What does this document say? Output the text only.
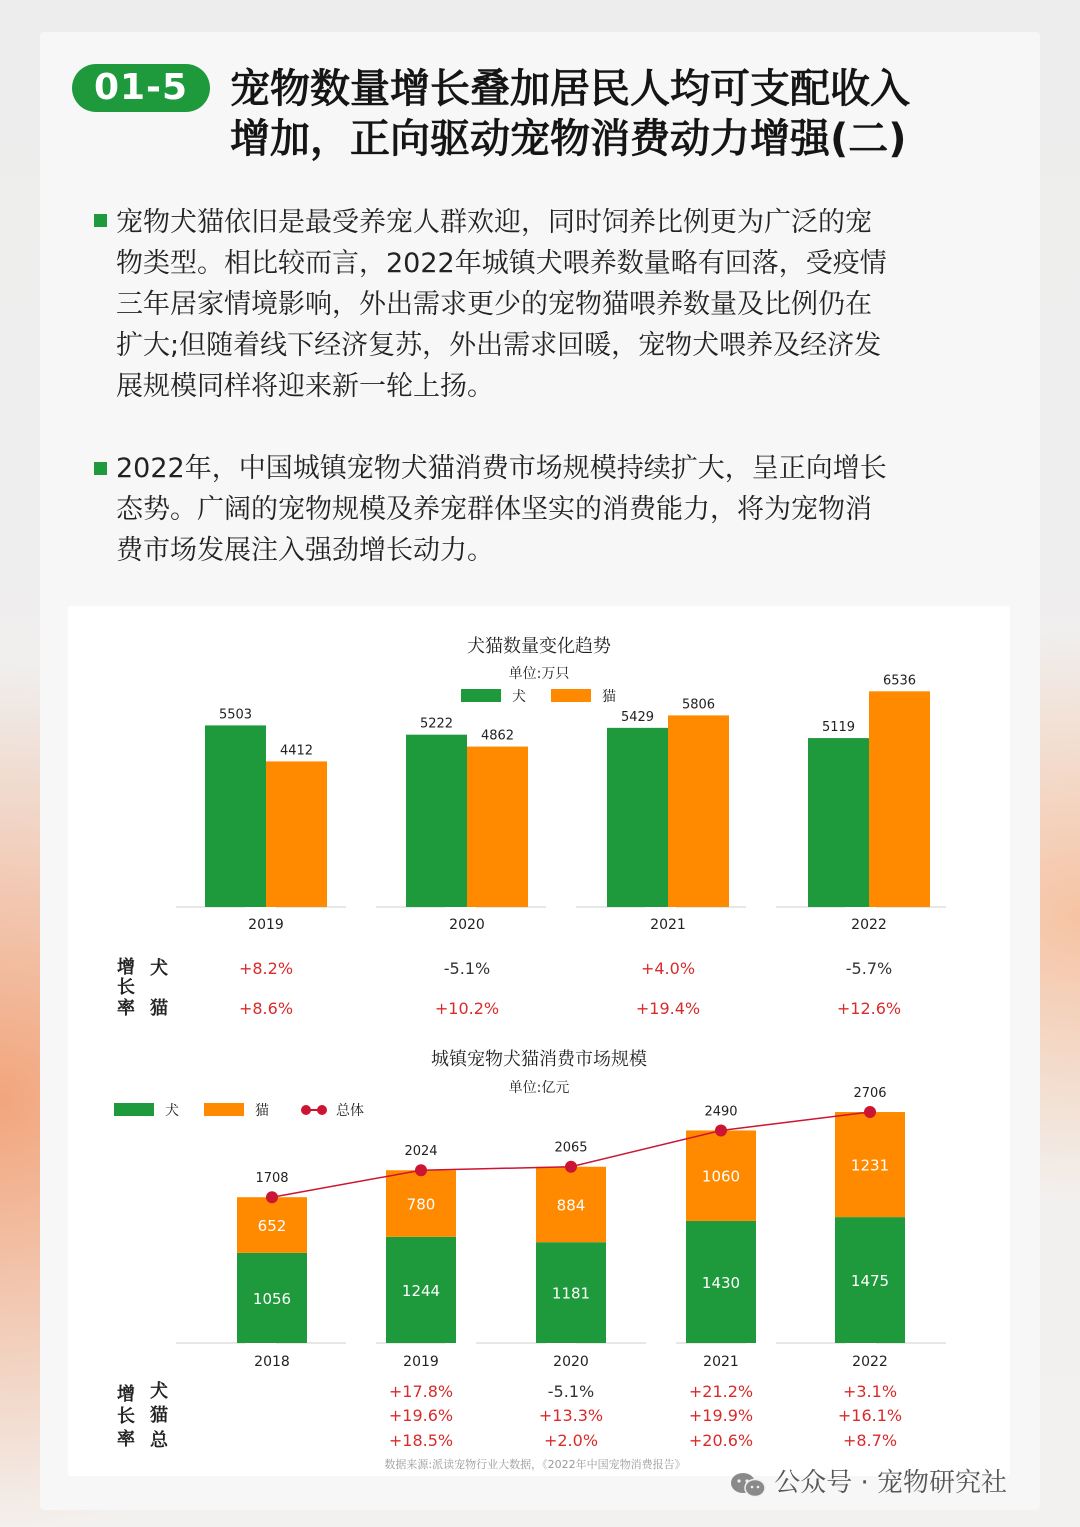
01-5	宠物数量增长叠加居民人均可支配收入
增加，正向驱动宠物消费动力增强(二)

宠物犬猫依旧是最受养宠人群欢迎，同时饲养比例更为广泛的宠
物类型。相比较而言，2022年城镇犬喂养数量略有回落，受疫情
三年居家情境影响，外出需求更少的宠物猫喂养数量及比例仍在
扩大;但随着线下经济复苏，外出需求回暖，宠物犬喂养及经济发
展规模同样将迎来新一轮上扬。

2022年，中国城镇宠物犬猫消费市场规模持续扩大，呈正向增长
态势。广阔的宠物规模及养宠群体坚实的消费能力，将为宠物消
费市场发展注入强劲增长动力。

犬猫数量变化趋势
单位:万只
犬	猫
5503
4412
2019
5222
4862
2020
5429
5806
2021
5119
6536
2022
增
长
率
犬	+8.2%	-5.1%	+4.0%	-5.7%
猫	+8.6%	+10.2%	+19.4%	+12.6%
城镇宠物犬猫消费市场规模
单位:亿元
犬	猫	总体
1056
652
1708
2018
1244
780
2024
2019
1181
884
2065
2020
1430
1060
2490
2021
1475
1231
2706
2022
增
长
率
犬	+17.8%	-5.1%	+21.2%	+3.1%
猫	+19.6%	+13.3%	+19.9%	+16.1%
总	+18.5%	+2.0%	+20.6%	+8.7%
数据来源:派读宠物行业大数据，《2022年中国宠物消费报告》
公众号 · 宠物研究社
